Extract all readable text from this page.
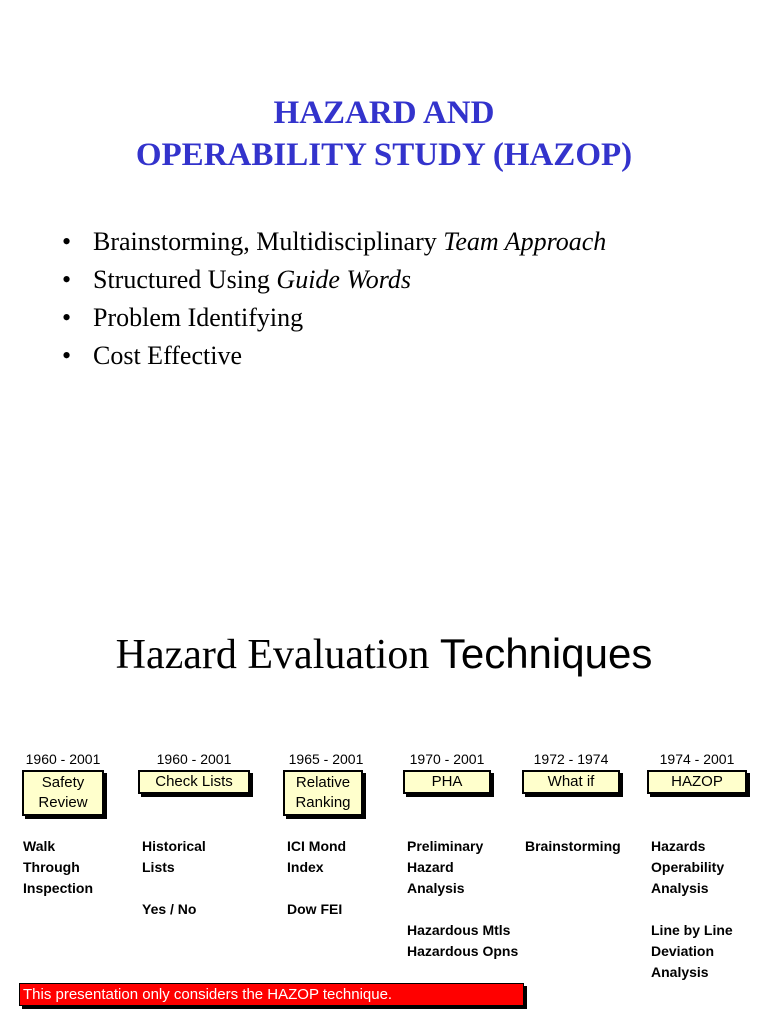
HAZARD AND
OPERABILITY STUDY (HAZOP)
• Brainstorming, Multidisciplinary Team Approach
• Structured Using Guide Words
• Problem Identifying
• Cost Effective
Hazard Evaluation Techniques
1960 - 2001
Safety
Review

Walk

Through

Inspection

1960 - 2001
Check Lists

Historical

Lists

Yes / No

1965 - 2001
Relative
Ranking

ICI Mond

Index

Dow FEI

1970 - 2001
PHA

Preliminary

Hazard

Analysis

Hazardous Mtls

Hazardous Opns

1972 - 1974
What if

Brainstorming

1974 - 2001
HAZOP

Hazards

Operability

Analysis

Line by Line

Deviation

Analysis

This presentation only considers the HAZOP technique.
